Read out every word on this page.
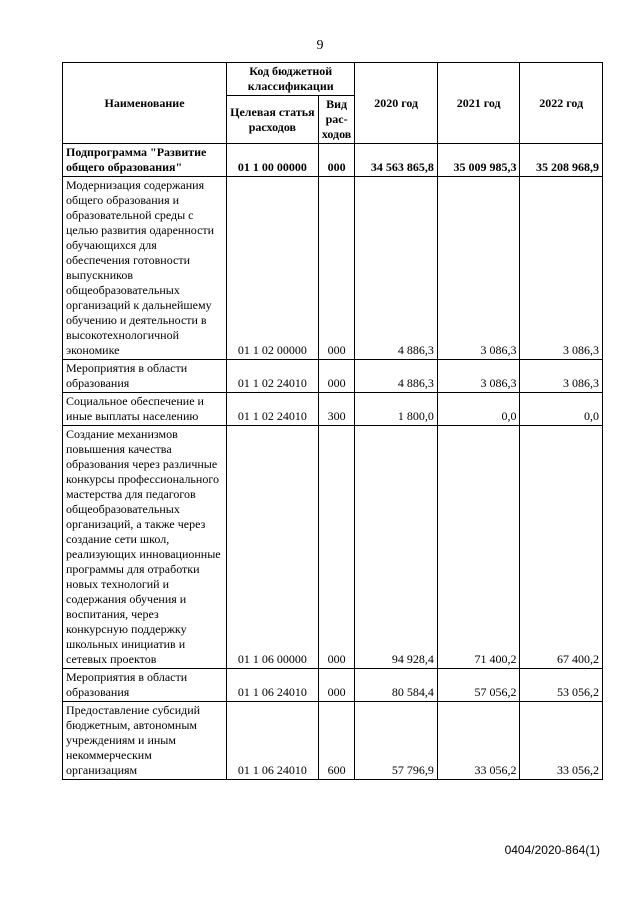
9
Наименование	Код бюджетной классификации		2020 год	2021 год	2022 год
	Целевая статья расходов	Вид рас-ходов			
Подпрограмма "Развитие общего образования"	01 1 00 00000	000	34 563 865,8	35 009 985,3	35 208 968,9
Модернизация содержания общего образования и образовательной среды с целью развития одаренности обучающихся для обеспечения готовности выпускников общеобразовательных организаций к дальнейшему обучению и деятельности в высокотехнологичной экономике	01 1 02 00000	000	4 886,3	3 086,3	3 086,3
Мероприятия в области образования	01 1 02 24010	000	4 886,3	3 086,3	3 086,3
Социальное обеспечение и иные выплаты населению	01 1 02 24010	300	1 800,0	0,0	0,0
Создание механизмов повышения качества образования через различные конкурсы профессионального мастерства для педагогов общеобразовательных организаций, а также через создание сети школ, реализующих инновационные программы для отработки новых технологий и содержания обучения и воспитания, через конкурсную поддержку школьных инициатив и сетевых проектов	01 1 06 00000	000	94 928,4	71 400,2	67 400,2
Мероприятия в области образования	01 1 06 24010	000	80 584,4	57 056,2	53 056,2
Предоставление субсидий бюджетным, автономным учреждениям и иным некоммерческим организациям	01 1 06 24010	600	57 796,9	33 056,2	33 056,2
0404/2020-864(1)
